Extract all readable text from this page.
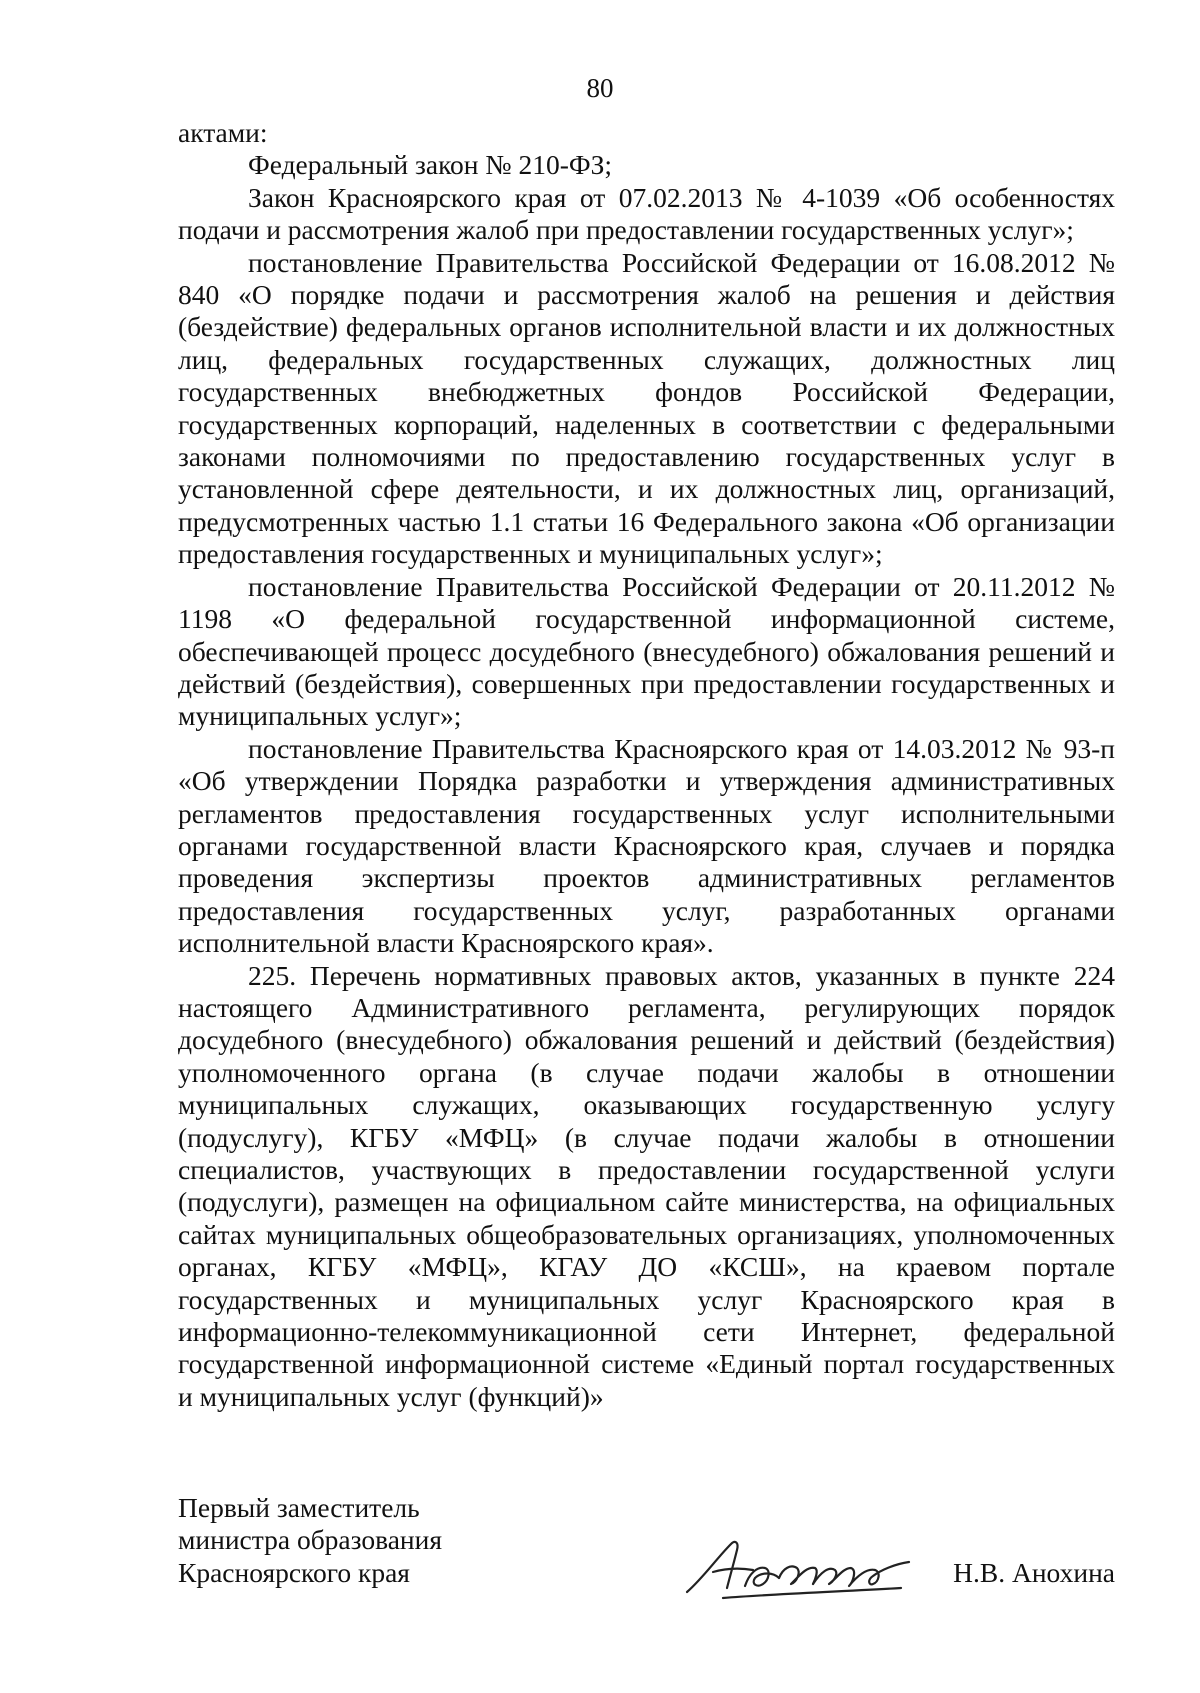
80

актами:

Федеральный закон № 210-ФЗ;

Закон Красноярского края от 07.02.2013 № 4-1039 «Об особенностях подачи и рассмотрения жалоб при предоставлении государственных услуг»;

постановление Правительства Российской Федерации от 16.08.2012 № 840 «О порядке подачи и рассмотрения жалоб на решения и действия (бездействие) федеральных органов исполнительной власти и их должностных лиц, федеральных государственных служащих, должностных лиц государственных внебюджетных фондов Российской Федерации, государственных корпораций, наделенных в соответствии с федеральными законами полномочиями по предоставлению государственных услуг в установленной сфере деятельности, и их должностных лиц, организаций, предусмотренных частью 1.1 статьи 16 Федерального закона «Об организации предоставления государственных и муниципальных услуг»;

постановление Правительства Российской Федерации от 20.11.2012 № 1198 «О федеральной государственной информационной системе, обеспечивающей процесс досудебного (внесудебного) обжалования решений и действий (бездействия), совершенных при предоставлении государственных и муниципальных услуг»;

постановление Правительства Красноярского края от 14.03.2012 № 93-п «Об утверждении Порядка разработки и утверждения административных регламентов предоставления государственных услуг исполнительными органами государственной власти Красноярского края, случаев и порядка проведения экспертизы проектов административных регламентов предоставления государственных услуг, разработанных органами исполнительной власти Красноярского края».

225. Перечень нормативных правовых актов, указанных в пункте 224 настоящего Административного регламента, регулирующих порядок досудебного (внесудебного) обжалования решений и действий (бездействия) уполномоченного органа (в случае подачи жалобы в отношении муниципальных служащих, оказывающих государственную услугу (подуслугу), КГБУ «МФЦ» (в случае подачи жалобы в отношении специалистов, участвующих в предоставлении государственной услуги (подуслуги), размещен на официальном сайте министерства, на официальных сайтах муниципальных общеобразовательных организациях, уполномоченных органах, КГБУ «МФЦ», КГАУ ДО «КСШ», на краевом портале государственных и муниципальных услуг Красноярского края в информационно-телекоммуникационной сети Интернет, федеральной государственной информационной системе «Единый портал государственных и муниципальных услуг (функций)»

Первый заместитель
министра образования
Красноярского края	Н.В. Анохина
